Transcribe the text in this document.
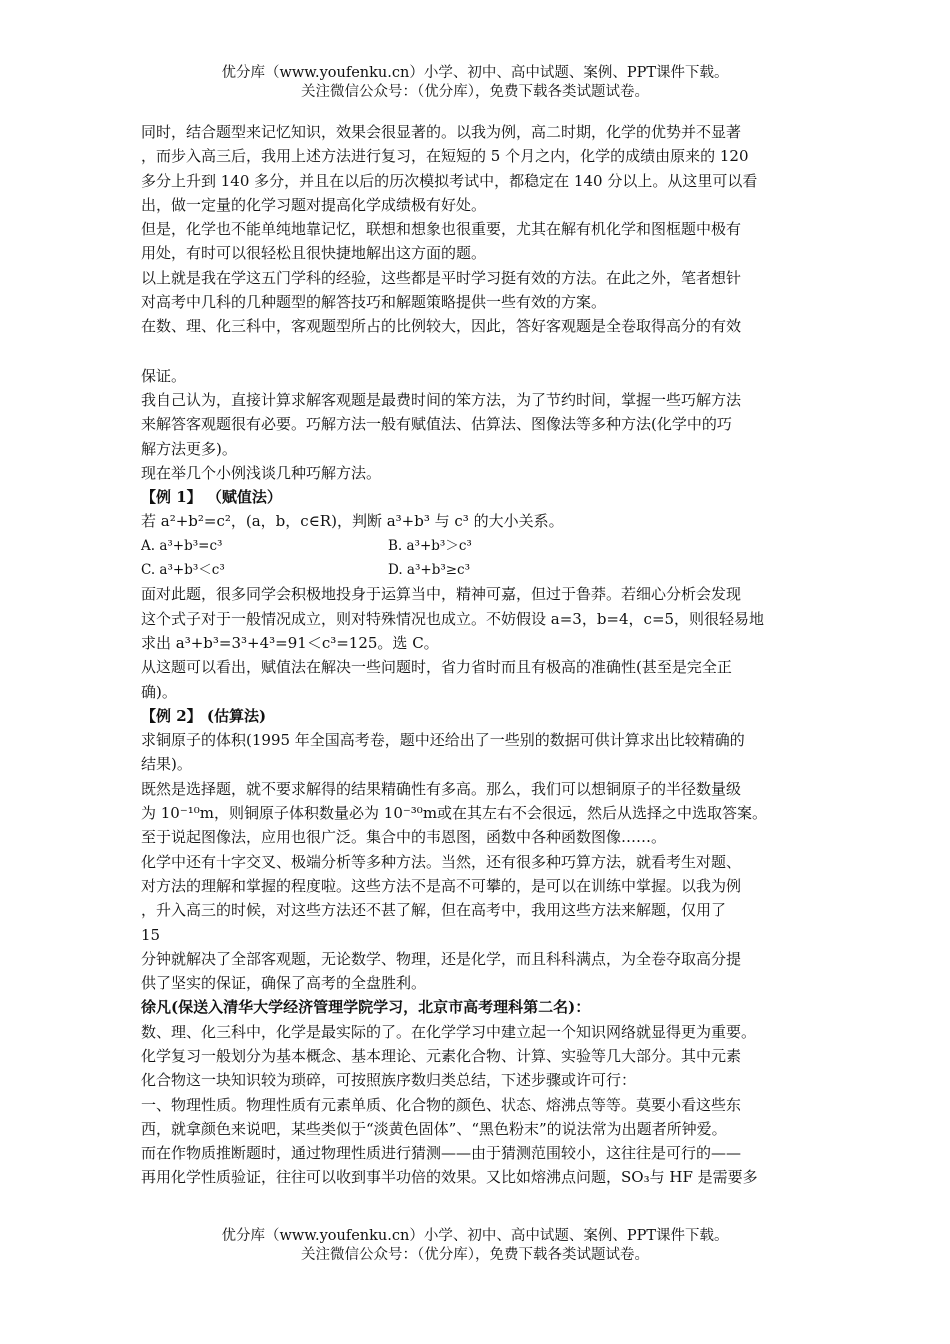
优分库（www.youfenku.cn）小学、初中、高中试题、案例、PPT课件下载。
关注微信公众号：（优分库），免费下载各类试题试卷。

同时，结合题型来记忆知识，效果会很显著的。以我为例，高二时期，化学的优势并不显著

，而步入高三后，我用上述方法进行复习，在短短的 5 个月之内，化学的成绩由原来的 120

多分上升到 140 多分，并且在以后的历次模拟考试中，都稳定在 140 分以上。从这里可以看

出，做一定量的化学习题对提高化学成绩极有好处。

但是，化学也不能单纯地靠记忆，联想和想象也很重要，尤其在解有机化学和图框题中极有

用处，有时可以很轻松且很快捷地解出这方面的题。

以上就是我在学这五门学科的经验，这些都是平时学习挺有效的方法。在此之外，笔者想针

对高考中几科的几种题型的解答技巧和解题策略提供一些有效的方案。

在数、理、化三科中，客观题型所占的比例较大，因此，答好客观题是全卷取得高分的有效

保证。

我自己认为，直接计算求解客观题是最费时间的笨方法，为了节约时间，掌握一些巧解方法

来解答客观题很有必要。巧解方法一般有赋值法、估算法、图像法等多种方法(化学中的巧

解方法更多)。

现在举几个小例浅谈几种巧解方法。

【例 1】 （赋值法）

若 a²+b²=c²，(a，b，c∈R)，判断 a³+b³ 与 c³ 的大小关系。

A. a³+b³=c³	B. a³+b³＞c³
C. a³+b³＜c³	D. a³+b³≥c³

面对此题，很多同学会积极地投身于运算当中，精神可嘉，但过于鲁莽。若细心分析会发现

这个式子对于一般情况成立，则对特殊情况也成立。不妨假设 a=3，b=4，c=5，则很轻易地

求出 a³+b³=3³+4³=91＜c³=125。选 C。

从这题可以看出，赋值法在解决一些问题时，省力省时而且有极高的准确性(甚至是完全正

确)。

【例 2】 (估算法)

求铜原子的体积(1995 年全国高考卷，题中还给出了一些别的数据可供计算求出比较精确的

结果)。

既然是选择题，就不要求解得的结果精确性有多高。那么，我们可以想铜原子的半径数量级

为 10⁻¹⁰m，则铜原子体积数量必为 10⁻³⁰m或在其左右不会很远，然后从选择之中选取答案。

至于说起图像法，应用也很广泛。集合中的韦恩图，函数中各种函数图像……。

化学中还有十字交叉、极端分析等多种方法。当然，还有很多种巧算方法，就看考生对题、

对方法的理解和掌握的程度啦。这些方法不是高不可攀的，是可以在训练中掌握。以我为例

，升入高三的时候，对这些方法还不甚了解，但在高考中，我用这些方法来解题，仅用了

15

分钟就解决了全部客观题，无论数学、物理，还是化学，而且科科满点，为全卷夺取高分提

供了坚实的保证，确保了高考的全盘胜利。

徐凡(保送入清华大学经济管理学院学习，北京市高考理科第二名)：

数、理、化三科中，化学是最实际的了。在化学学习中建立起一个知识网络就显得更为重要。

化学复习一般划分为基本概念、基本理论、元素化合物、计算、实验等几大部分。其中元素

化合物这一块知识较为琐碎，可按照族序数归类总结，下述步骤或许可行：

一、物理性质。物理性质有元素单质、化合物的颜色、状态、熔沸点等等。莫要小看这些东

西，就拿颜色来说吧，某些类似于“淡黄色固体”、“黑色粉末”的说法常为出题者所钟爱。

而在作物质推断题时，通过物理性质进行猜测——由于猜测范围较小，这往往是可行的——

再用化学性质验证，往往可以收到事半功倍的效果。又比如熔沸点问题，SO₃与 HF 是需要多

优分库（www.youfenku.cn）小学、初中、高中试题、案例、PPT课件下载。
关注微信公众号：（优分库），免费下载各类试题试卷。
